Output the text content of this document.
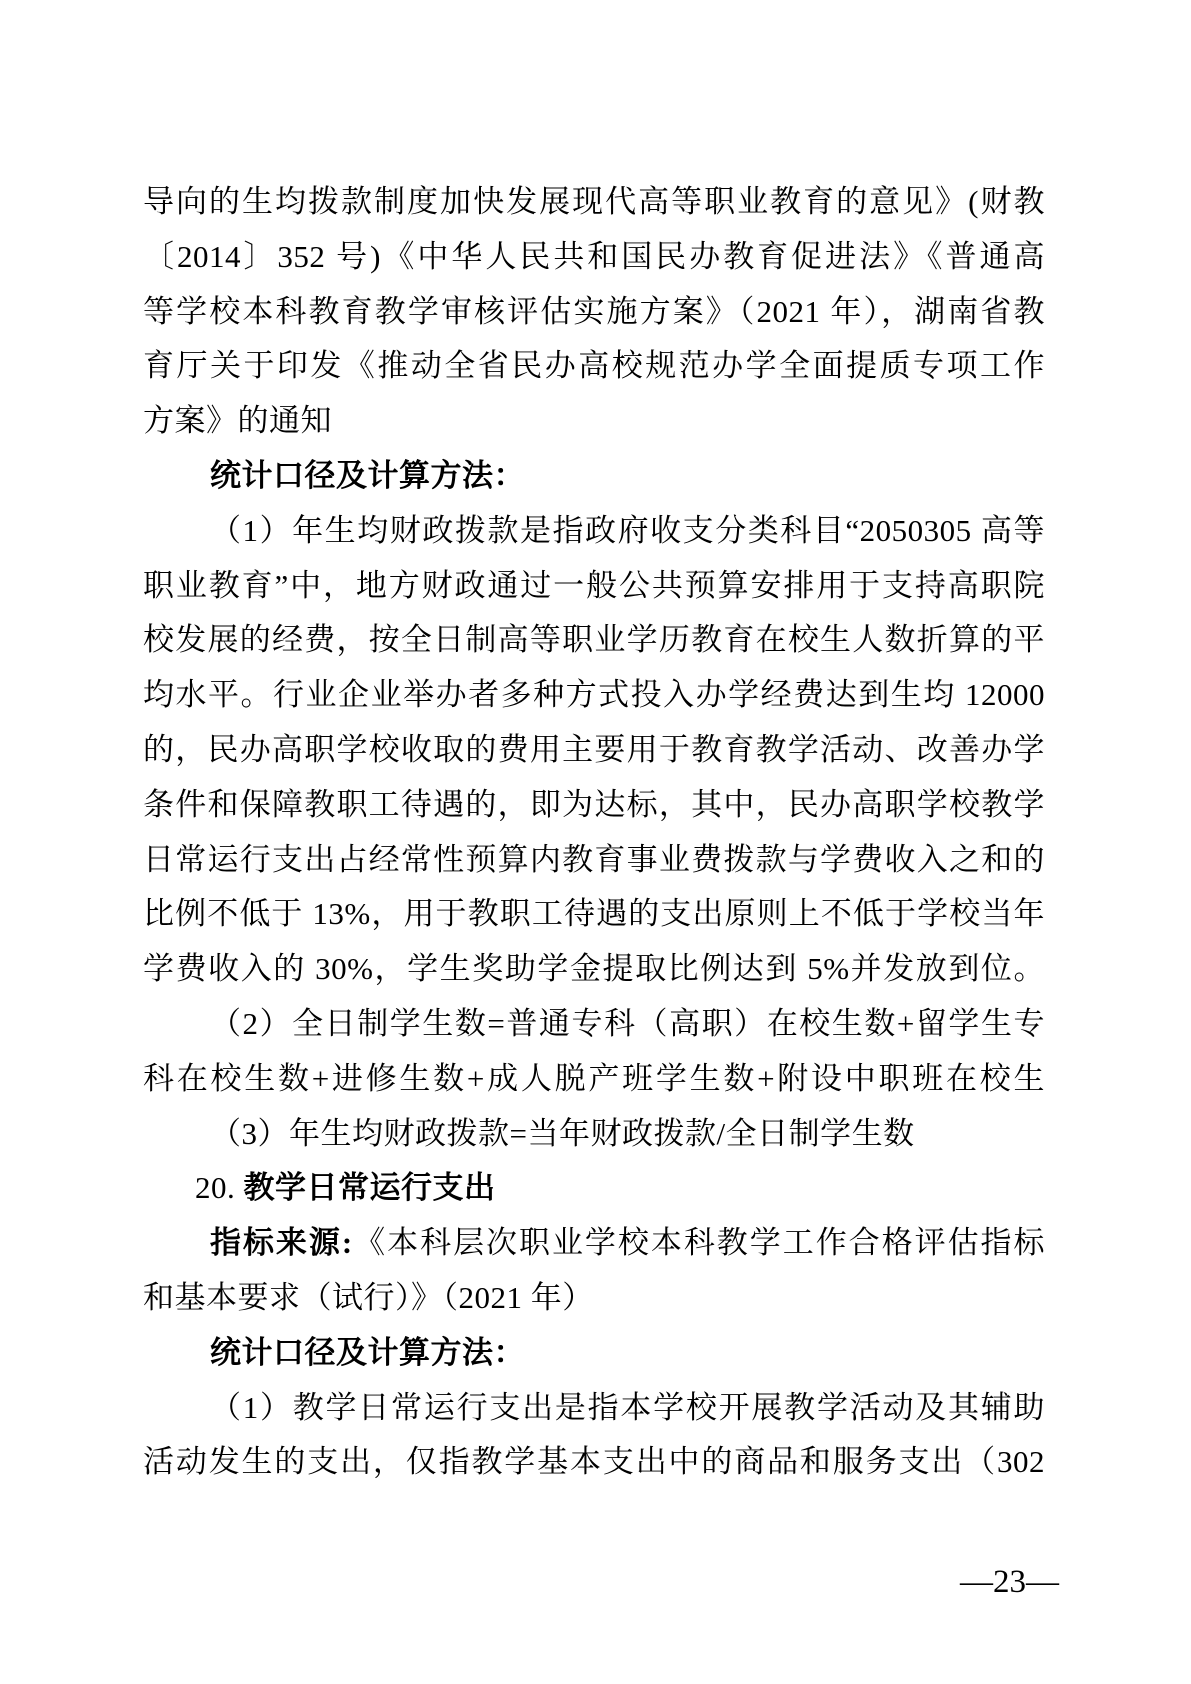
导向的生均拨款制度加快发展现代高等职业教育的意见》(财教
〔2014〕352 号)《中华人民共和国民办教育促进法》《普通高
等学校本科教育教学审核评估实施方案》（2021 年），湖南省教
育厅关于印发《推动全省民办高校规范办学全面提质专项工作
方案》的通知
统计口径及计算方法：
（1）年生均财政拨款是指政府收支分类科目“2050305 高等
职业教育”中，地方财政通过一般公共预算安排用于支持高职院
校发展的经费，按全日制高等职业学历教育在校生人数折算的平
均水平。行业企业举办者多种方式投入办学经费达到生均 12000
的，民办高职学校收取的费用主要用于教育教学活动、改善办学
条件和保障教职工待遇的，即为达标，其中，民办高职学校教学
日常运行支出占经常性预算内教育事业费拨款与学费收入之和的
比例不低于 13%，用于教职工待遇的支出原则上不低于学校当年
学费收入的 30%，学生奖助学金提取比例达到 5%并发放到位。
（2）全日制学生数=普通专科（高职）在校生数+留学生专
科在校生数+进修生数+成人脱产班学生数+附设中职班在校生
（3）年生均财政拨款=当年财政拨款/全日制学生数
20. 教学日常运行支出
指标来源:《本科层次职业学校本科教学工作合格评估指标
和基本要求（试行）》（2021 年）
统计口径及计算方法：
（1）教学日常运行支出是指本学校开展教学活动及其辅助
活动发生的支出，仅指教学基本支出中的商品和服务支出（302
—23—
